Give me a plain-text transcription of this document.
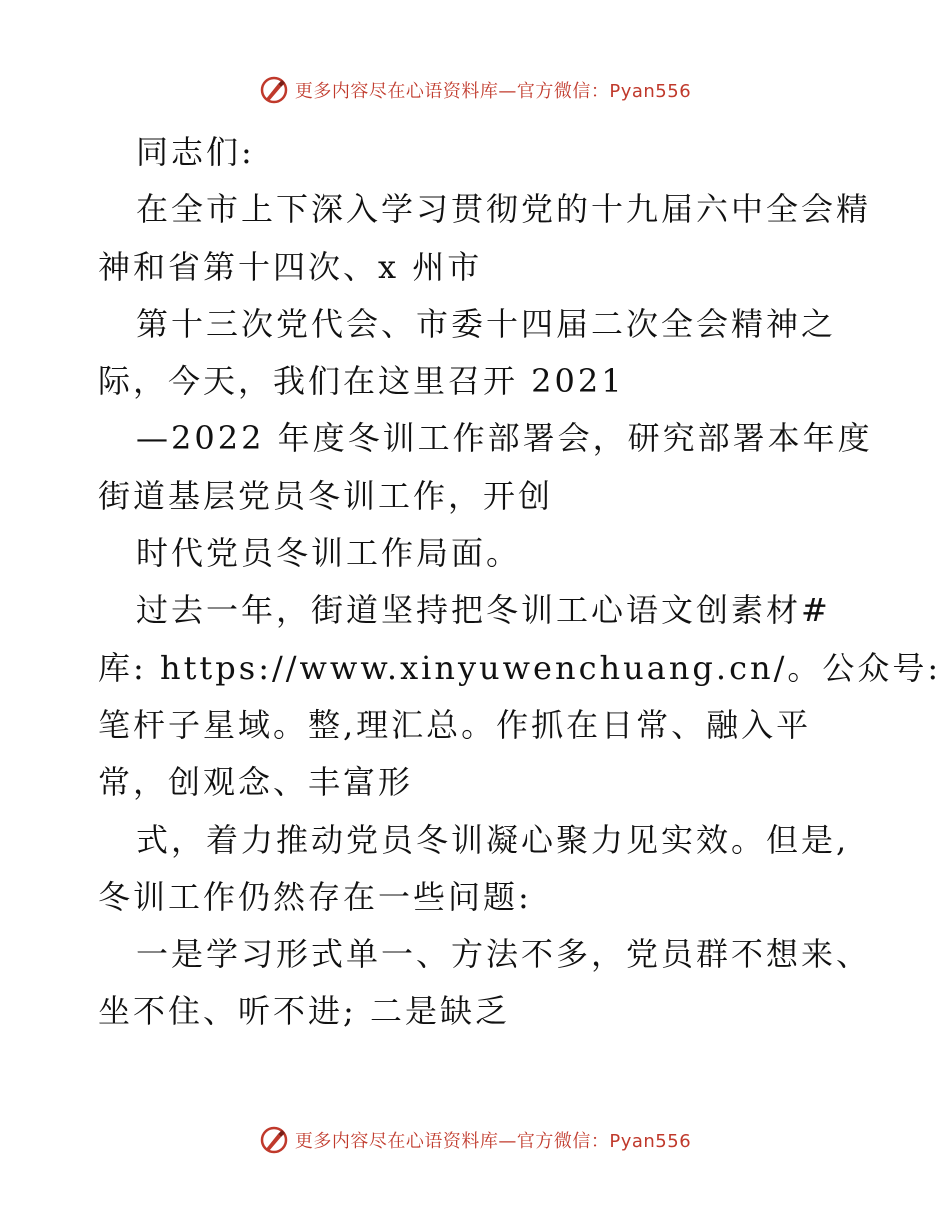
更多内容尽在心语资料库—官方微信：Pyan556
同志们:
在全市上下深入学习贯彻党的十九届六中全会精
神和省第十四次、x 州市
第十三次党代会、市委十四届二次全会精神之
际，今天，我们在这里召开 2021
—2022 年度冬训工作部署会，研究部署本年度
街道基层党员冬训工作，开创
时代党员冬训工作局面。
过去一年，街道坚持把冬训工心语文创素材#
库: https://www.xinyuwenchuang.cn/。公众号:
笔杆子星域。整,理汇总。作抓在日常、融入平
常，创观念、丰富形
式，着力推动党员冬训凝心聚力见实效。但是,
冬训工作仍然存在一些问题:
一是学习形式单一、方法不多，党员群不想来、
坐不住、听不进; 二是缺乏
更多内容尽在心语资料库—官方微信：Pyan556
